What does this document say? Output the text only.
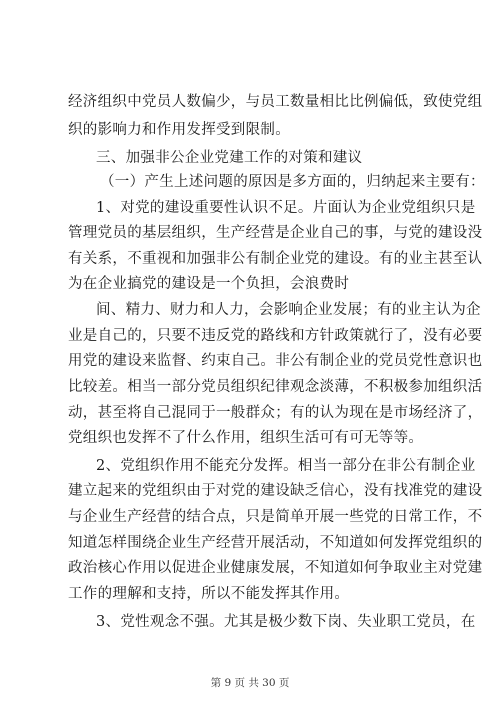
经济组织中党员人数偏少，与员工数量相比比例偏低，致使党组
织的影响力和作用发挥受到限制。
三、加强非公企业党建工作的对策和建议
（一）产生上述问题的原因是多方面的，归纳起来主要有：
1、对党的建设重要性认识不足。片面认为企业党组织只是
管理党员的基层组织，生产经营是企业自己的事，与党的建设没
有关系，不重视和加强非公有制企业党的建设。有的业主甚至认
为在企业搞党的建设是一个负担，会浪费时
间、精力、财力和人力，会影响企业发展；有的业主认为企
业是自己的，只要不违反党的路线和方针政策就行了，没有必要
用党的建设来监督、约束自己。非公有制企业的党员党性意识也
比较差。相当一部分党员组织纪律观念淡薄，不积极参加组织活
动，甚至将自己混同于一般群众；有的认为现在是市场经济了，
党组织也发挥不了什么作用，组织生活可有可无等等。
2、党组织作用不能充分发挥。相当一部分在非公有制企业
建立起来的党组织由于对党的建设缺乏信心，没有找准党的建设
与企业生产经营的结合点，只是简单开展一些党的日常工作，不
知道怎样围绕企业生产经营开展活动，不知道如何发挥党组织的
政治核心作用以促进企业健康发展，不知道如何争取业主对党建
工作的理解和支持，所以不能发挥其作用。
3、党性观念不强。尤其是极少数下岗、失业职工党员，在
第 9 页 共 30 页
